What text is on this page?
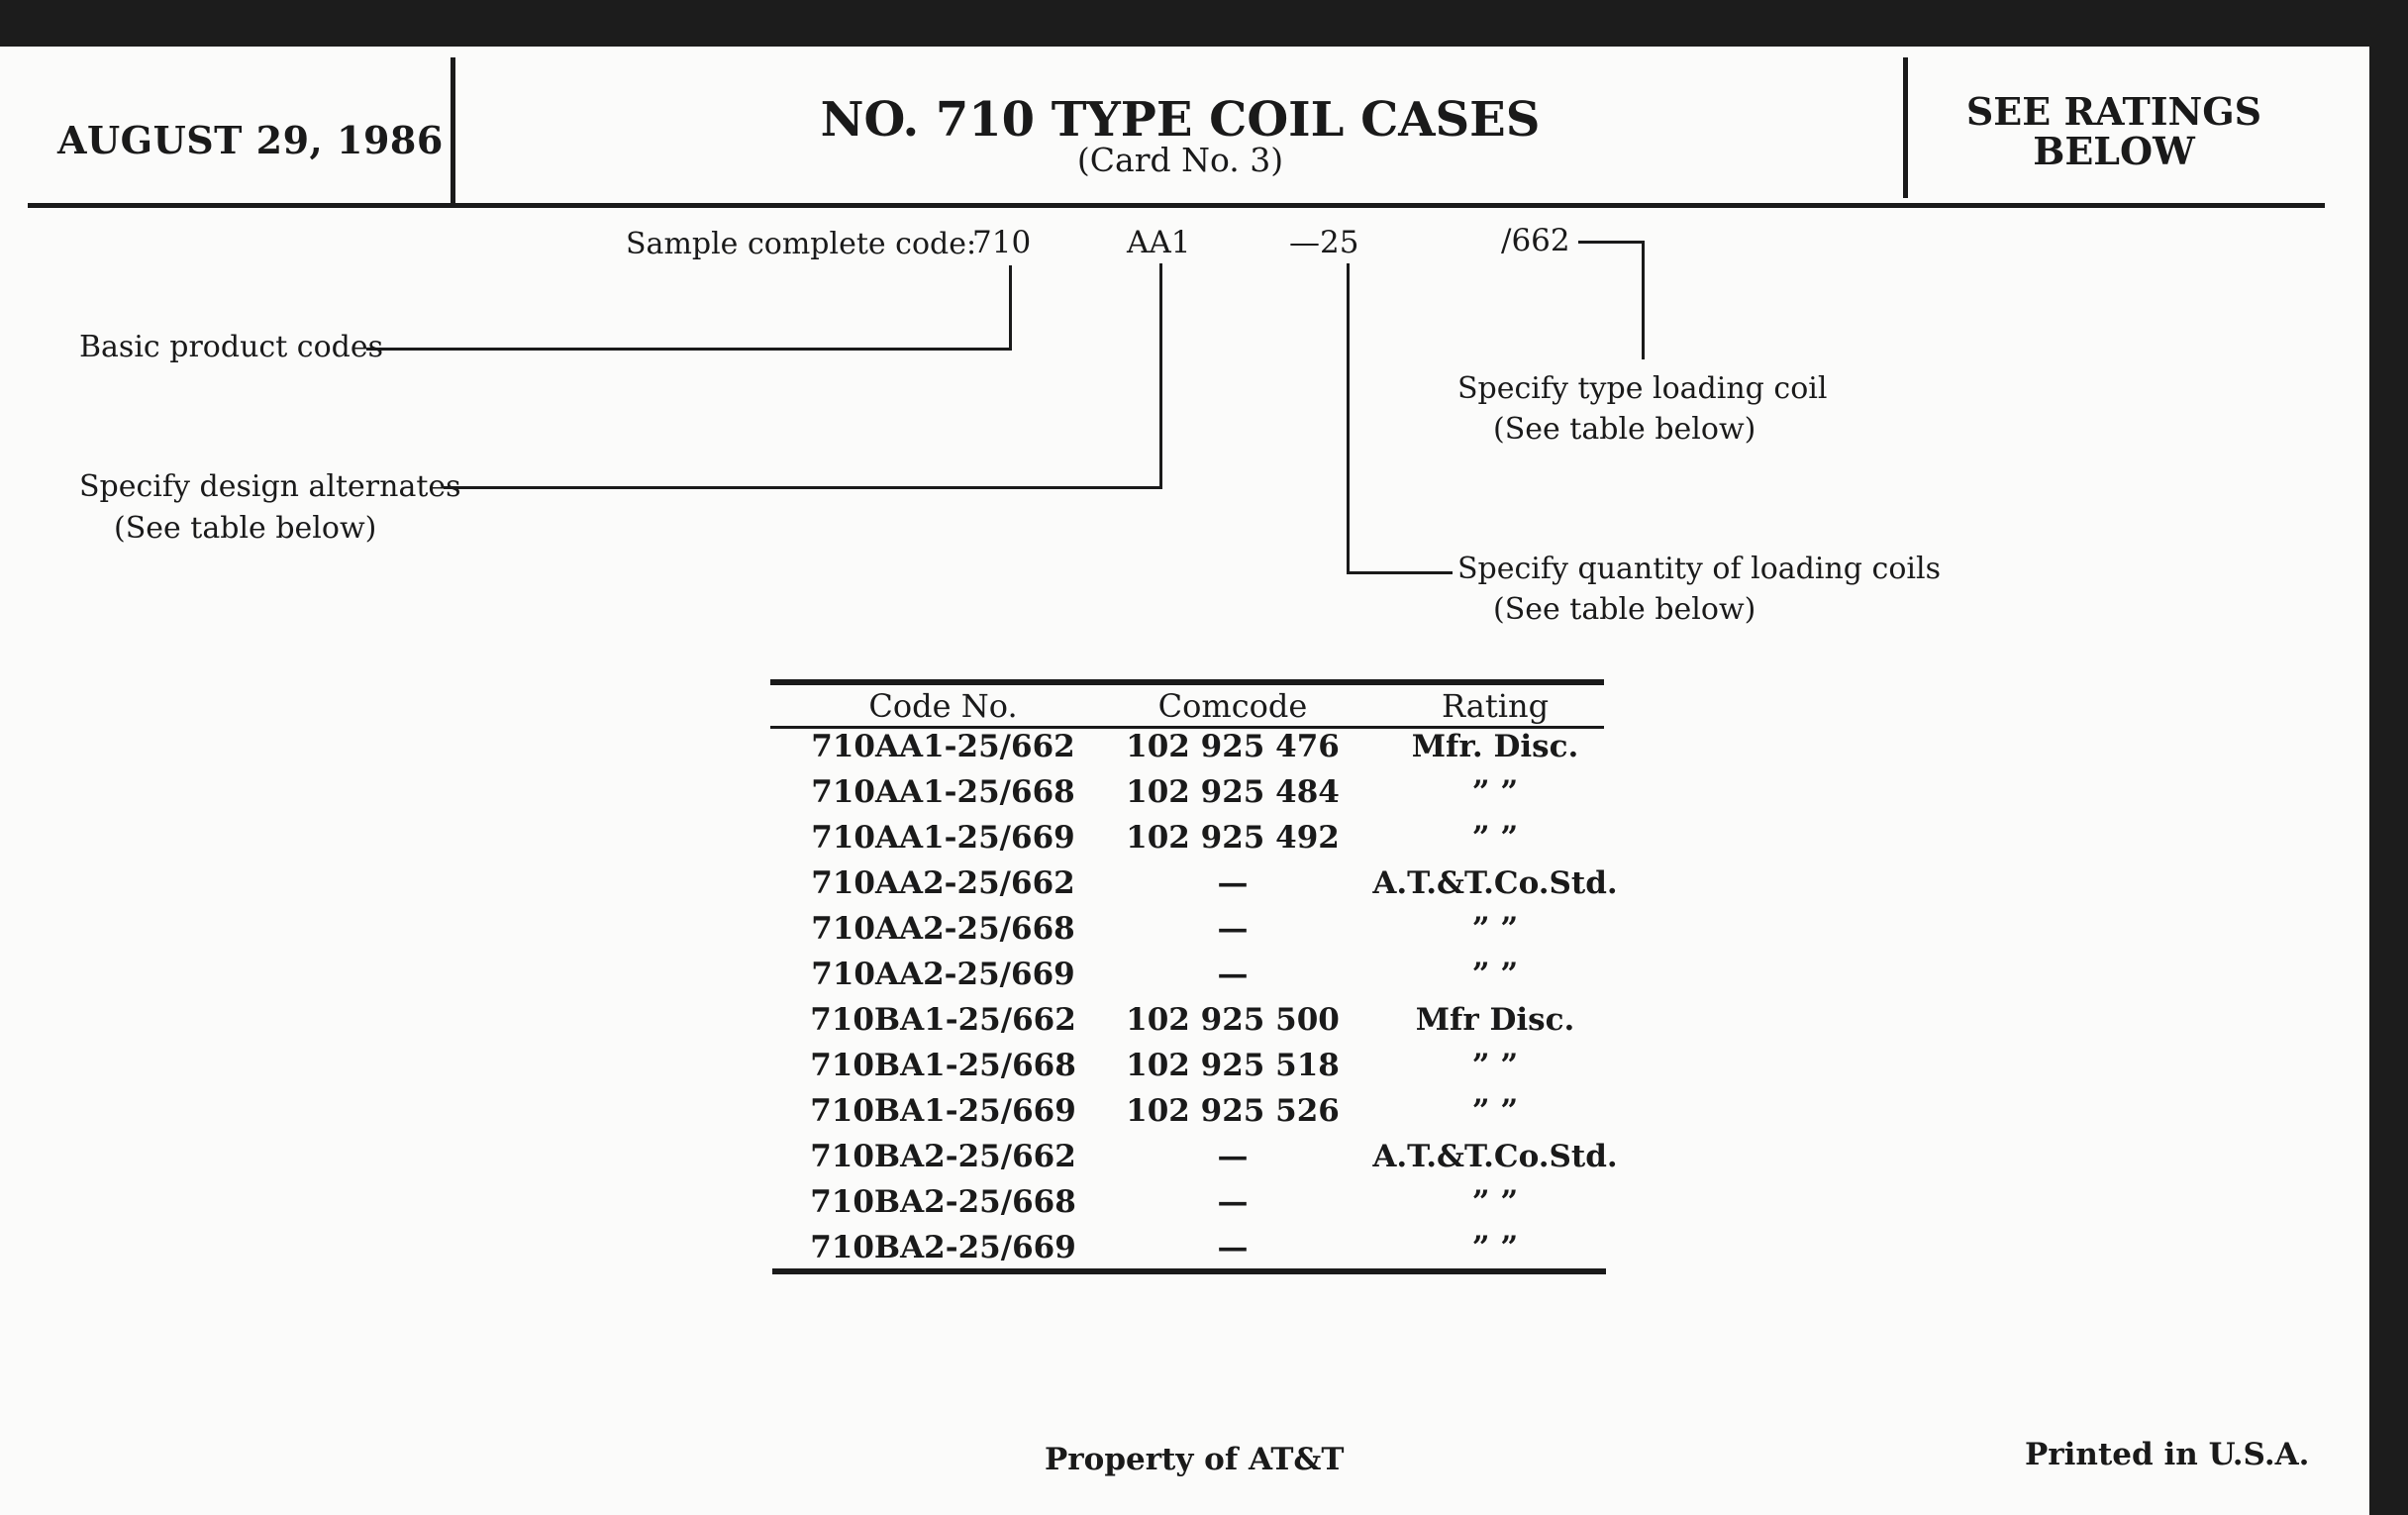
AUGUST 29, 1986	NO. 710 TYPE COIL CASES
(Card No. 3)
SEE RATINGS
BELOW
Sample complete code:
710	AA1	—25	/662
Basic product codes
Specify design alternates
(See table below)
Specify type loading coil
(See table below)
Specify quantity of loading coils
(See table below)
Code No.	Comcode	Rating
710AA1-25/662	102 925 476	Mfr. Disc.
710AA1-25/668	102 925 484	” ”
710AA1-25/669	102 925 492	” ”
710AA2-25/662	—	A.T.&T.Co.Std.
710AA2-25/668	—	” ”
710AA2-25/669	—	” ”
710BA1-25/662	102 925 500	Mfr Disc.
710BA1-25/668	102 925 518	” ”
710BA1-25/669	102 925 526	” ”
710BA2-25/662	—	A.T.&T.Co.Std.
710BA2-25/668	—	” ”
710BA2-25/669	—	” ”
Property of AT&T	Printed in U.S.A.
